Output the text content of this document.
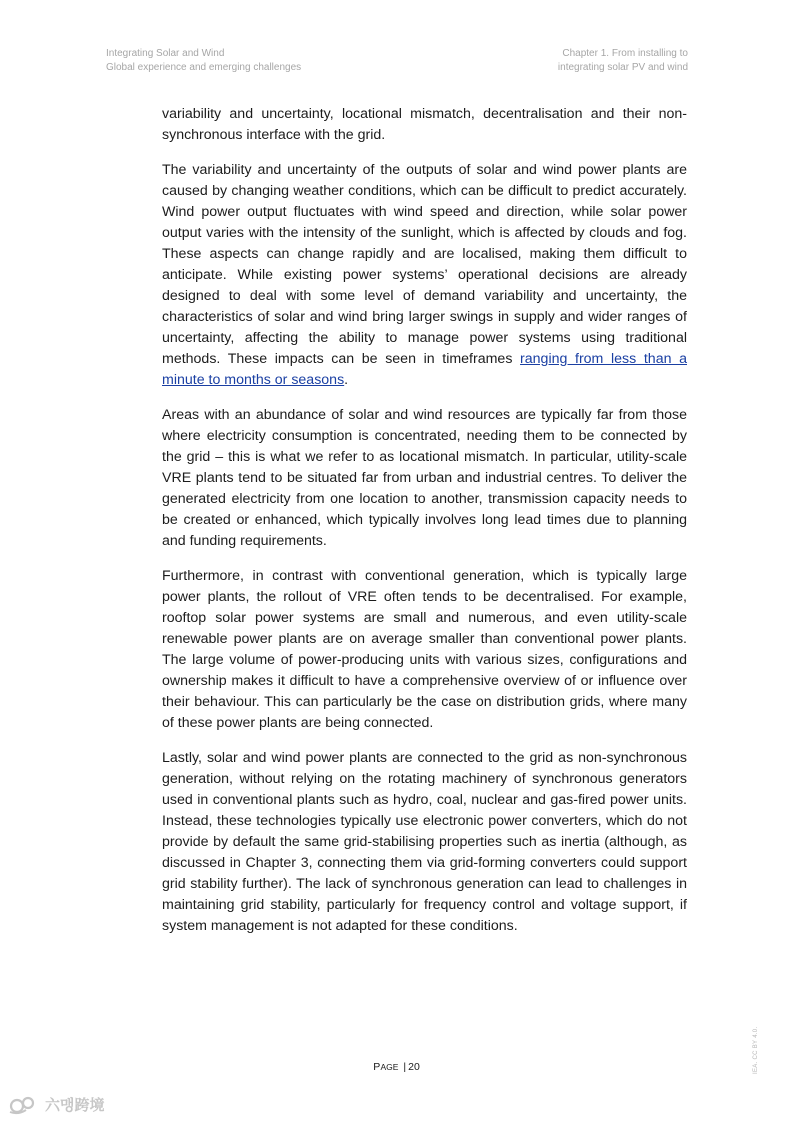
Integrating Solar and Wind
Global experience and emerging challenges
Chapter 1. From installing to
integrating solar PV and wind

variability and uncertainty, locational mismatch, decentralisation and their non-synchronous interface with the grid.

The variability and uncertainty of the outputs of solar and wind power plants are caused by changing weather conditions, which can be difficult to predict accurately. Wind power output fluctuates with wind speed and direction, while solar power output varies with the intensity of the sunlight, which is affected by clouds and fog. These aspects can change rapidly and are localised, making them difficult to anticipate. While existing power systems’ operational decisions are already designed to deal with some level of demand variability and uncertainty, the characteristics of solar and wind bring larger swings in supply and wider ranges of uncertainty, affecting the ability to manage power systems using traditional methods. These impacts can be seen in timeframes ranging from less than a minute to months or seasons.

Areas with an abundance of solar and wind resources are typically far from those where electricity consumption is concentrated, needing them to be connected by the grid – this is what we refer to as locational mismatch. In particular, utility-scale VRE plants tend to be situated far from urban and industrial centres. To deliver the generated electricity from one location to another, transmission capacity needs to be created or enhanced, which typically involves long lead times due to planning and funding requirements.

Furthermore, in contrast with conventional generation, which is typically large power plants, the rollout of VRE often tends to be decentralised. For example, rooftop solar power systems are small and numerous, and even utility-scale renewable power plants are on average smaller than conventional power plants. The large volume of power-producing units with various sizes, configurations and ownership makes it difficult to have a comprehensive overview of or influence over their behaviour. This can particularly be the case on distribution grids, where many of these power plants are being connected.

Lastly, solar and wind power plants are connected to the grid as non-synchronous generation, without relying on the rotating machinery of synchronous generators used in conventional plants such as hydro, coal, nuclear and gas-fired power units. Instead, these technologies typically use electronic power converters, which do not provide by default the same grid-stabilising properties such as inertia (although, as discussed in Chapter 3, connecting them via grid-forming converters could support grid stability further). The lack of synchronous generation can lead to challenges in maintaining grid stability, particularly for frequency control and voltage support, if system management is not adapted for these conditions.

PAGE | 20	IEA. CC BY 4.0.
六맹跨境
